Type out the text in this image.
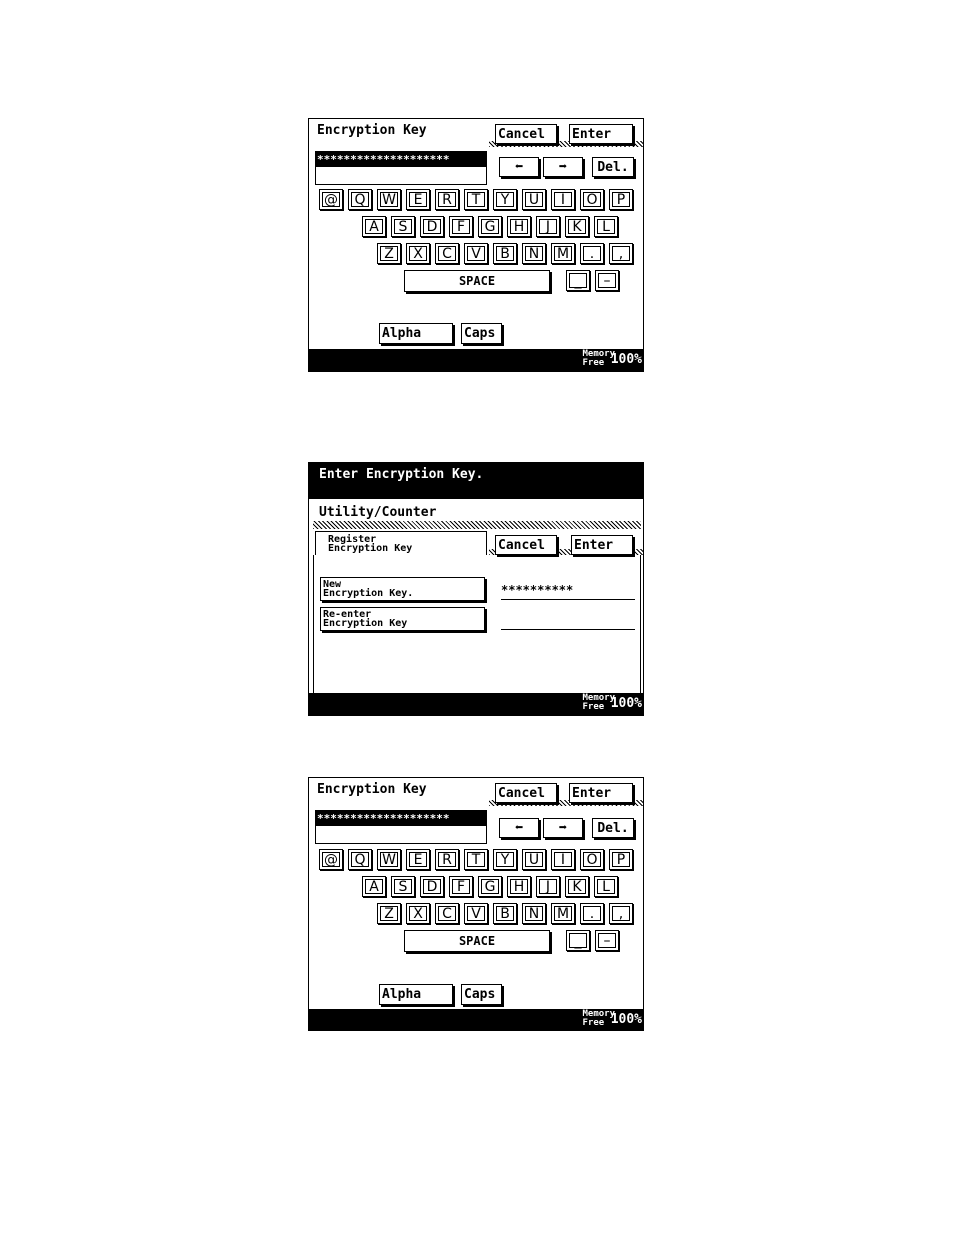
Encryption Key	Cancel	Enter
********************	⬅	➡	Del.
@	Q	W	E	R	T	Y	U	I	O	P
A	S	D	F	G	H	J	K	L
Z	X	C	V	B	N	M	.	,
SPACE	_	–
Alpha	Caps
Memory
Free 100%
Enter Encryption Key.
Utility/Counter
Register
Encryption Key	Cancel	Enter
New
Encryption Key.	**********
Re-enter
Encryption Key
Memory
Free 100%
Encryption Key	Cancel	Enter
********************
⬅	➡	Del.
@	Q	W	E	R	T	Y	U	I	O	P
A	S	D	F	G	H	J	K	L
Z	X	C	V	B	N	M	.	,
SPACE	_	–
Alpha	Caps
Memory
Free 100%
